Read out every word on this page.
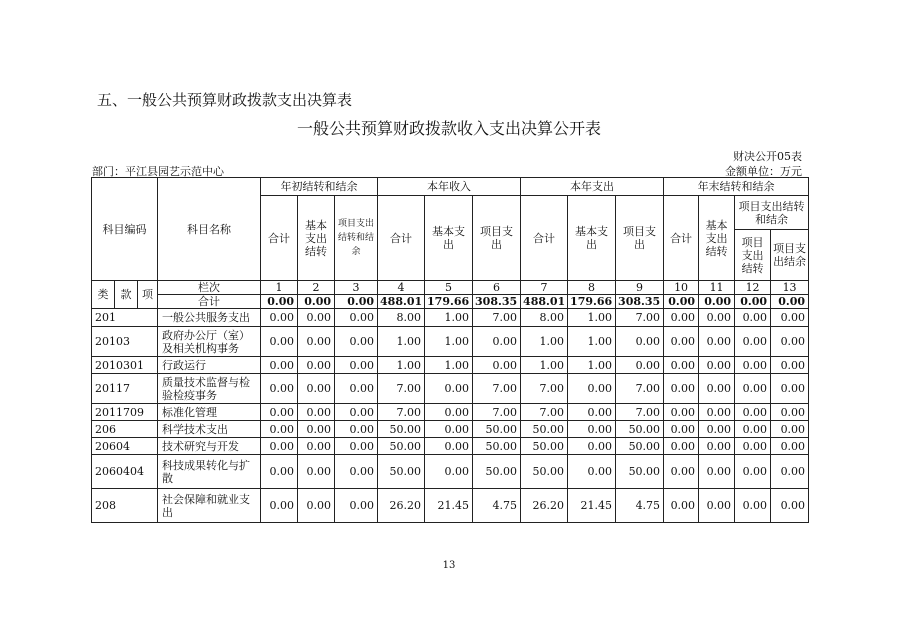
五、一般公共预算财政拨款支出决算表
一般公共预算财政拨款收入支出决算公开表
财决公开05表
部门：平江县园艺示范中心	金额单位：万元
科目编码			科目名称	年初结转和结余			本年收入			本年支出			年末结转和结余			
				合计	基本支出结转	项目支出结转和结余	合计	基本支出	项目支出	合计	基本支出	项目支出	合计	基本支出结转	项目支出结转和结余	

															项目支出结转	项目支出结余

类	款	项	栏次	1	2	3	4	5	6	7	8	9	10	11	12	13
			合计	0.00	0.00	0.00	488.01	179.66	308.35	488.01	179.66	308.35	0.00	0.00	0.00	0.00
201			一般公共服务支出	0.00	0.00	0.00	8.00	1.00	7.00	8.00	1.00	7.00	0.00	0.00	0.00	0.00
20103			政府办公厅（室）及相关机构事务	0.00	0.00	0.00	1.00	1.00	0.00	1.00	1.00	0.00	0.00	0.00	0.00	0.00
2010301			行政运行	0.00	0.00	0.00	1.00	1.00	0.00	1.00	1.00	0.00	0.00	0.00	0.00	0.00
20117			质量技术监督与检验检疫事务	0.00	0.00	0.00	7.00	0.00	7.00	7.00	0.00	7.00	0.00	0.00	0.00	0.00
2011709			标准化管理	0.00	0.00	0.00	7.00	0.00	7.00	7.00	0.00	7.00	0.00	0.00	0.00	0.00
206			科学技术支出	0.00	0.00	0.00	50.00	0.00	50.00	50.00	0.00	50.00	0.00	0.00	0.00	0.00
20604			技术研究与开发	0.00	0.00	0.00	50.00	0.00	50.00	50.00	0.00	50.00	0.00	0.00	0.00	0.00
2060404			科技成果转化与扩散	0.00	0.00	0.00	50.00	0.00	50.00	50.00	0.00	50.00	0.00	0.00	0.00	0.00
208			社会保障和就业支出	0.00	0.00	0.00	26.20	21.45	4.75	26.20	21.45	4.75	0.00	0.00	0.00	0.00
13
